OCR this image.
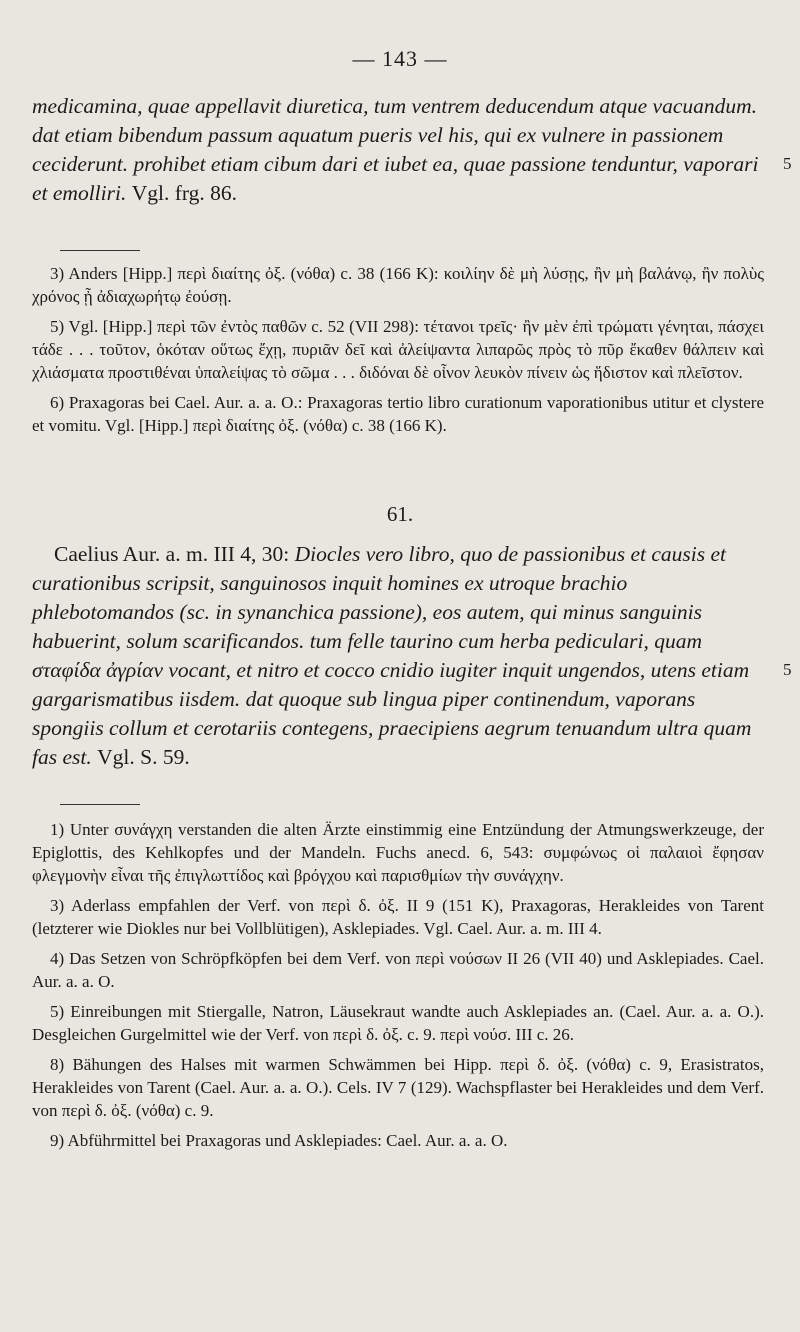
— 143 —
medicamina, quae appellavit diuretica, tum ventrem deducendum atque vacuandum. dat etiam bibendum passum aquatum pueris vel his, qui ex vulnere in passionem ceciderunt. prohibet etiam cibum dari et iubet ea, quae passione tenduntur, vaporari et emolliri. Vgl. frg. 86.
5

3) Anders [Hipp.] περὶ διαίτης ὀξ. (νόθα) c. 38 (166 K): κοιλίην δὲ μὴ λύσῃς, ἢν μὴ βαλάνῳ, ἢν πολὺς χρόνος ᾖ ἀδιαχωρήτῳ ἐούσῃ.

5) Vgl. [Hipp.] περὶ τῶν ἐντὸς παθῶν c. 52 (VII 298): τέτανοι τρεῖς· ἢν μὲν ἐπὶ τρώματι γένηται, πάσχει τάδε . . . τοῦτον, ὁκόταν οὕτως ἔχῃ, πυριᾶν δεῖ καὶ ἀλείψαντα λιπαρῶς πρὸς τὸ πῦρ ἔκαθεν θάλπειν καὶ χλιάσματα προστιθέναι ὑπαλείψας τὸ σῶμα . . . διδόναι δὲ οἶνον λευκὸν πίνειν ὡς ἥδιστον καὶ πλεῖστον.

6) Praxagoras bei Cael. Aur. a. a. O.: Praxagoras tertio libro curationum vaporationibus utitur et clystere et vomitu. Vgl. [Hipp.] περὶ διαίτης ὀξ. (νόθα) c. 38 (166 K).

61.
Caelius Aur. a. m. III 4, 30: Diocles vero libro, quo de passionibus et causis et curationibus scripsit, sanguinosos inquit homines ex utroque brachio phlebotomandos (sc. in synanchica passione), eos autem, qui minus sanguinis habuerint, solum scarificandos. tum felle taurino cum herba pediculari, quam σταφίδα ἀγρίαν vocant, et nitro et cocco cnidio iugiter inquit ungendos, utens etiam gargarismatibus iisdem. dat quoque sub lingua piper continendum, vaporans spongiis collum et cerotariis contegens, praecipiens aegrum tenuandum ultra quam fas est. Vgl. S. 59.
5

1) Unter συνάγχη verstanden die alten Ärzte einstimmig eine Entzündung der Atmungswerkzeuge, der Epiglottis, des Kehlkopfes und der Mandeln. Fuchs anecd. 6, 543: συμφώνως οἱ παλαιοὶ ἔφησαν φλεγμονὴν εἶναι τῆς ἐπιγλωττίδος καὶ βρόγχου καὶ παρισθμίων τὴν συνάγχην.

3) Aderlass empfahlen der Verf. von περὶ δ. ὀξ. II 9 (151 K), Praxagoras, Herakleides von Tarent (letzterer wie Diokles nur bei Vollblütigen), Asklepiades. Vgl. Cael. Aur. a. m. III 4.

4) Das Setzen von Schröpfköpfen bei dem Verf. von περὶ νούσων II 26 (VII 40) und Asklepiades. Cael. Aur. a. a. O.

5) Einreibungen mit Stiergalle, Natron, Läusekraut wandte auch Asklepiades an. (Cael. Aur. a. a. O.). Desgleichen Gurgelmittel wie der Verf. von περὶ δ. ὀξ. c. 9. περὶ νούσ. III c. 26.

8) Bähungen des Halses mit warmen Schwämmen bei Hipp. περὶ δ. ὀξ. (νόθα) c. 9, Erasistratos, Herakleides von Tarent (Cael. Aur. a. a. O.). Cels. IV 7 (129). Wachspflaster bei Herakleides und dem Verf. von περὶ δ. ὀξ. (νόθα) c. 9.

9) Abführmittel bei Praxagoras und Asklepiades: Cael. Aur. a. a. O.
